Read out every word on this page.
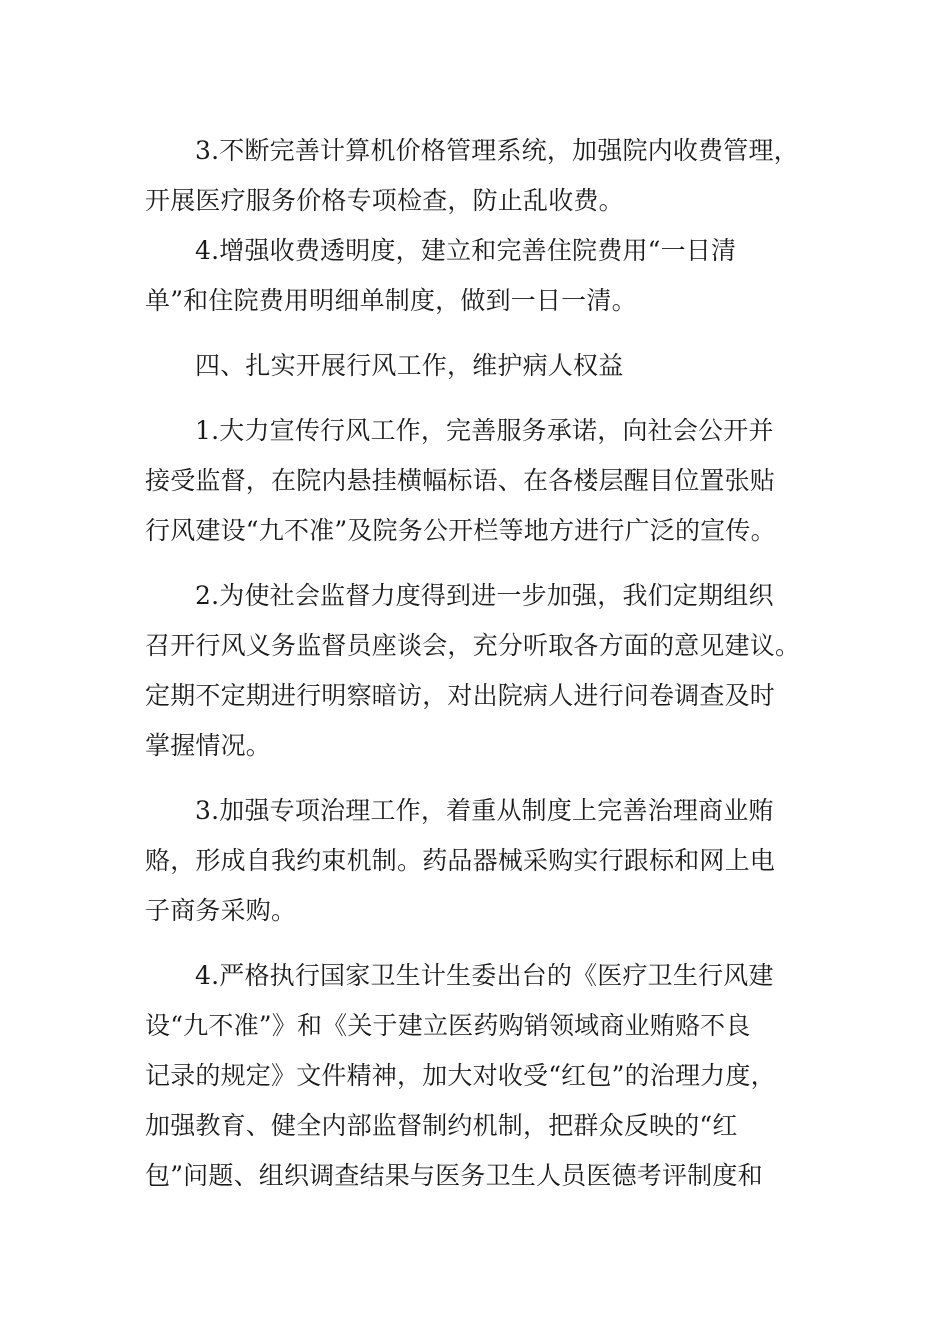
3.不断完善计算机价格管理系统，加强院内收费管理，
开展医疗服务价格专项检查，防止乱收费。
4.增强收费透明度，建立和完善住院费用“一日清
单”和住院费用明细单制度，做到一日一清。
四、扎实开展行风工作，维护病人权益
1.大力宣传行风工作，完善服务承诺，向社会公开并
接受监督，在院内悬挂横幅标语、在各楼层醒目位置张贴
行风建设“九不准”及院务公开栏等地方进行广泛的宣传。
2.为使社会监督力度得到进一步加强，我们定期组织
召开行风义务监督员座谈会，充分听取各方面的意见建议。
定期不定期进行明察暗访，对出院病人进行问卷调查及时
掌握情况。
3.加强专项治理工作，着重从制度上完善治理商业贿
赂，形成自我约束机制。药品器械采购实行跟标和网上电
子商务采购。
4.严格执行国家卫生计生委出台的《医疗卫生行风建
设“九不准”》和《关于建立医药购销领域商业贿赂不良
记录的规定》文件精神，加大对收受“红包”的治理力度，
加强教育、健全内部监督制约机制，把群众反映的“红
包”问题、组织调查结果与医务卫生人员医德考评制度和
